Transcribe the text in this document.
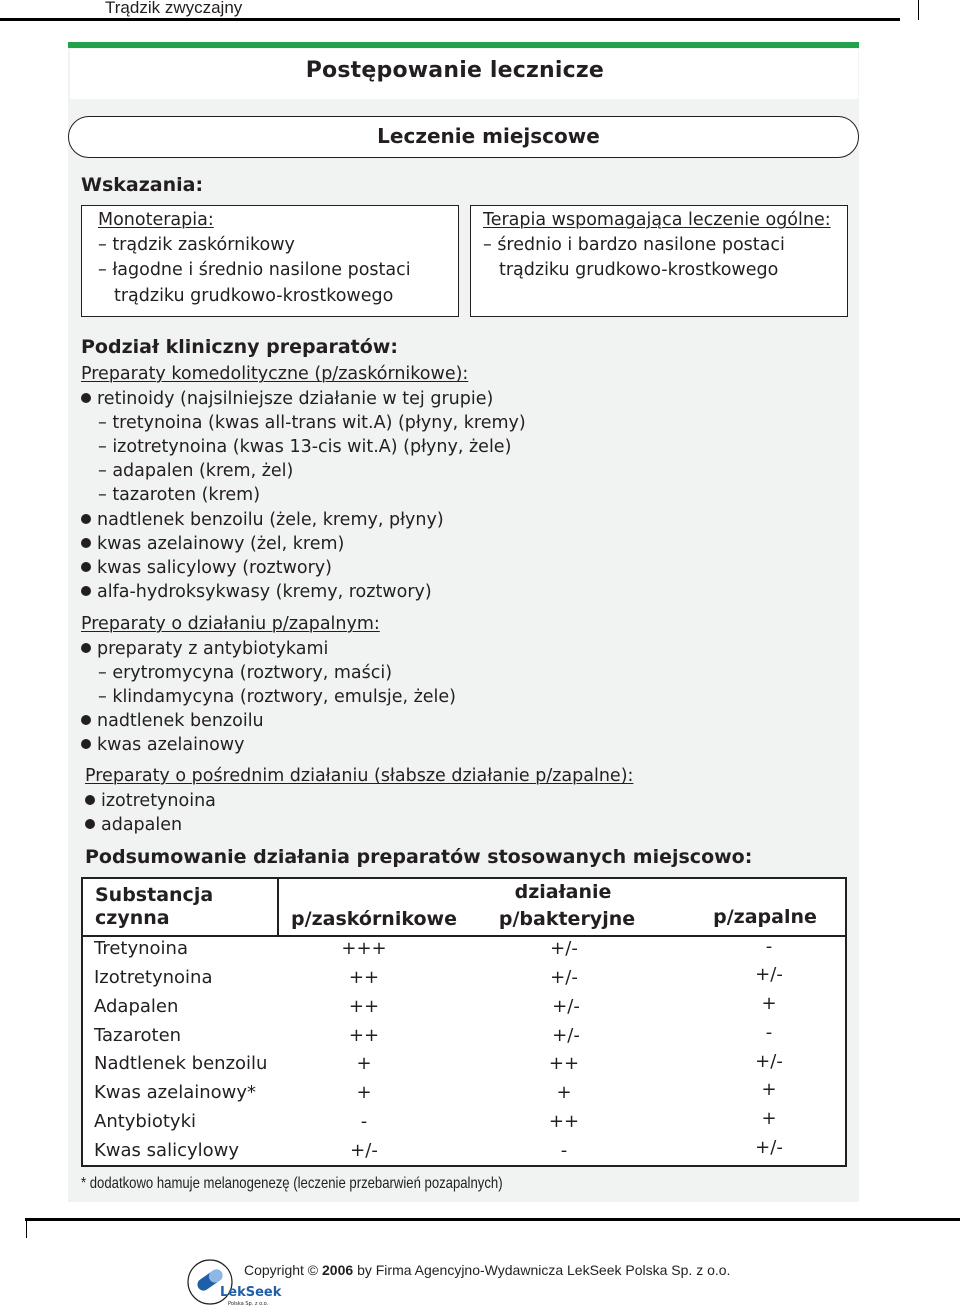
Trądzik zwyczajny
Postępowanie lecznicze
Leczenie miejscowe
Wskazania:
Monoterapia:
– trądzik zaskórnikowy
– łagodne i średnio nasilone postaci
trądziku grudkowo-krostkowego
Terapia wspomagająca leczenie ogólne:
– średnio i bardzo nasilone postaci
trądziku grudkowo-krostkowego
Podział kliniczny preparatów:
Preparaty komedolityczne (p/zaskórnikowe):
retinoidy (najsilniejsze działanie w tej grupie)
– tretynoina (kwas all-trans wit.A) (płyny, kremy)
– izotretynoina (kwas 13-cis wit.A) (płyny, żele)
– adapalen (krem, żel)
– tazaroten (krem)
nadtlenek benzoilu (żele, kremy, płyny)
kwas azelainowy (żel, krem)
kwas salicylowy (roztwory)
alfa-hydroksykwasy (kremy, roztwory)
Preparaty o działaniu p/zapalnym:
preparaty z antybiotykami
– erytromycyna (roztwory, maści)
– klindamycyna (roztwory, emulsje, żele)
nadtlenek benzoilu
kwas azelainowy
Preparaty o pośrednim działaniu (słabsze działanie p/zapalne):
izotretynoina
adapalen
Podsumowanie działania preparatów stosowanych miejscowo:
Substancja
czynna
działanie
p/zaskórnikowe p/bakteryjne	p/zapalne
Tretynoina	+++	+/-	-
Izotretynoina	++	+/-	+/-
Adapalen	++	+/-	+
Tazaroten	++	+/-	-
Nadtlenek benzoilu	+	++	+/-
Kwas azelainowy*	+	+	+
Antybiotyki	-	++	+
Kwas salicylowy	+/-	-	+/-
* dodatkowo hamuje melanogenezę (leczenie przebarwień pozapalnych)
LekSeek
Polska Sp. z o.o.
Copyright © 2006 by Firma Agencyjno-Wydawnicza LekSeek Polska Sp. z o.o.
